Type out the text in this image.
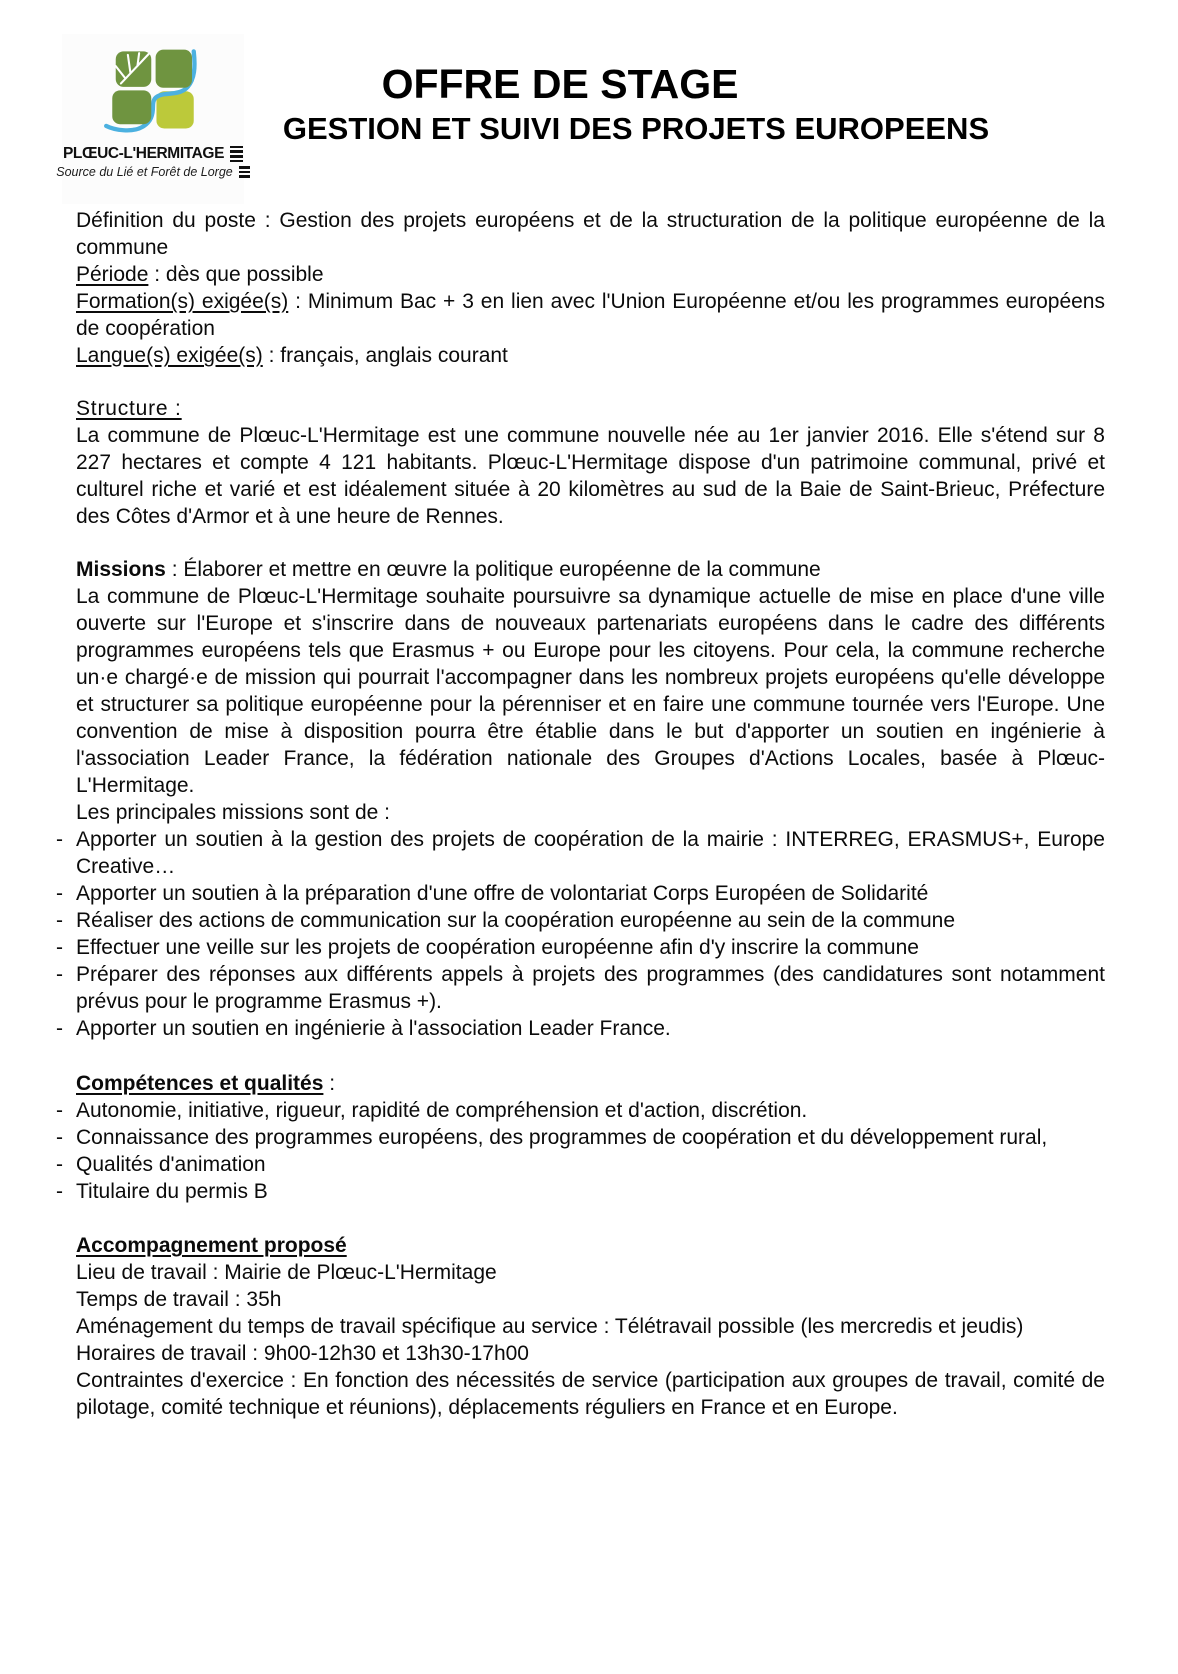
PLŒUC-L'HERMITAGE
Source du Lié et Forêt de Lorge
OFFRE DE STAGE
GESTION ET SUIVI DES PROJETS EUROPEENS

Définition du poste : Gestion des projets européens et de la structuration de la politique européenne de la commune

Période : dès que possible

Formation(s) exigée(s) : Minimum Bac + 3 en lien avec l'Union Européenne et/ou les programmes européens de coopération

Langue(s) exigée(s) : français, anglais courant

Structure :

La commune de Plœuc-L'Hermitage est une commune nouvelle née au 1er janvier 2016. Elle s'étend sur 8 227 hectares et compte 4 121 habitants. Plœuc-L'Hermitage dispose d'un patrimoine communal, privé et culturel riche et varié et est idéalement située à 20 kilomètres au sud de la Baie de Saint-Brieuc, Préfecture des Côtes d'Armor et à une heure de Rennes.

Missions : Élaborer et mettre en œuvre la politique européenne de la commune

La commune de Plœuc-L'Hermitage souhaite poursuivre sa dynamique actuelle de mise en place d'une ville ouverte sur l'Europe et s'inscrire dans de nouveaux partenariats européens dans le cadre des différents programmes européens tels que Erasmus + ou Europe pour les citoyens. Pour cela, la commune recherche un·e chargé·e de mission qui pourrait l'accompagner dans les nombreux projets européens qu'elle développe et structurer sa politique européenne pour la pérenniser et en faire une commune tournée vers l'Europe. Une convention de mise à disposition pourra être établie dans le but d'apporter un soutien en ingénierie à l'association Leader France, la fédération nationale des Groupes d'Actions Locales, basée à Plœuc-L'Hermitage.

Les principales missions sont de :

- Apporter un soutien à la gestion des projets de coopération de la mairie : INTERREG, ERASMUS+, Europe Creative…
- Apporter un soutien à la préparation d'une offre de volontariat Corps Européen de Solidarité
- Réaliser des actions de communication sur la coopération européenne au sein de la commune
- Effectuer une veille sur les projets de coopération européenne afin d'y inscrire la commune
- Préparer des réponses aux différents appels à projets des programmes (des candidatures sont notamment prévus pour le programme Erasmus +).
- Apporter un soutien en ingénierie à l'association Leader France.

Compétences et qualités :

- Autonomie, initiative, rigueur, rapidité de compréhension et d'action, discrétion.
- Connaissance des programmes européens, des programmes de coopération et du développement rural,
- Qualités d'animation
- Titulaire du permis B

Accompagnement proposé

Lieu de travail : Mairie de Plœuc-L'Hermitage

Temps de travail : 35h

Aménagement du temps de travail spécifique au service : Télétravail possible (les mercredis et jeudis)

Horaires de travail : 9h00-12h30 et 13h30-17h00

Contraintes d'exercice : En fonction des nécessités de service (participation aux groupes de travail, comité de pilotage, comité technique et réunions), déplacements réguliers en France et en Europe.
